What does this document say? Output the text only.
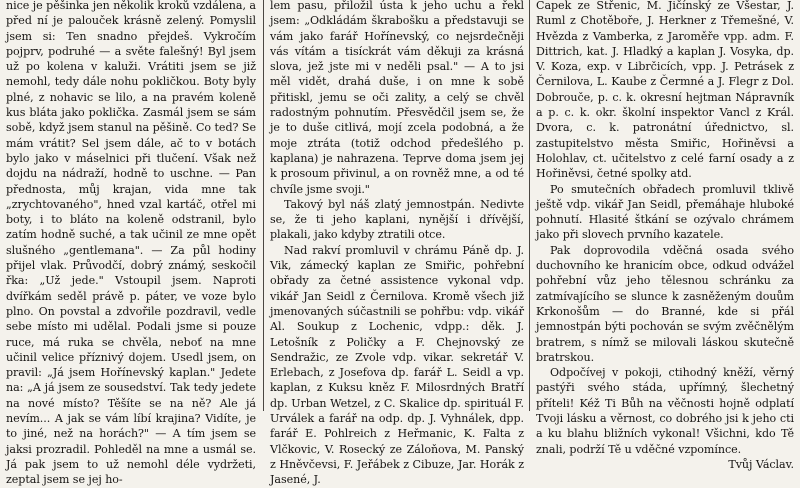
nice je pěšinka jen několik kroků vzdálena, a před ní je palouček krásně zelený. Pomyslil jsem si: Ten snadno přejdeš. Vykročím pojprv, podruhé — a světe falešný! Byl jsem už po kolena v kaluži. Vrátiti jsem se již nemohl, tedy dále nohu pokličkou. Boty byly plné, z nohavic se lilo, a na pravém koleně kus bláta jako poklička. Zasmál jsem se sám sobě, když jsem stanul na pěšině. Co ted? Se mám vrátit? Sel jsem dále, ač to v botách bylo jako v máselnici při tlučení. Však než dojdu na nádraží, hodně to uschne. — Pan přednosta, můj krajan, vida mne tak „zrychtovaného", hned vzal kartáč, otřel mi boty, i to bláto na koleně odstranil, bylo zatím hodně suché, a tak učinil ze mne opět slušného „gentlemana". — Za půl hodiny přijel vlak. Průvodčí, dobrý známý, seskočil řka: „Už jede." Vstoupil jsem. Naproti dvířkám seděl právě p. páter, ve voze bylo plno. On povstal a zdvořile pozdravil, vedle sebe místo mi udělal. Podali jsme si pouze ruce, má ruka se chvěla, neboť na mne učinil velice příznivý dojem. Usedl jsem, on pravil: „Já jsem Hořínevský kaplan." Jedete na: „A já jsem ze sousedství. Tak tedy jedete na nové místo? Těšíte se na ně? Ale já nevím... A jak se vám líbí krajina? Vidíte, je to jiné, než na horách?" — A tím jsem se jaksi prozradil. Pohleděl na mne a usmál se. Já pak jsem to už nemohl déle vydržeti, zeptal jsem se jej ho-

lem pasu, přiložil ústa k jeho uchu a řekl jsem: „Odkládám škrabošku a představuji se vám jako farář Hořínevský, co nejsrdečněji vás vítám a tisíckrát vám děkuji za krásná slova, jež jste mi v neděli psal." — A to jsi měl vidět, drahá duše, i on mne k sobě přitiskl, jemu se oči zality, a celý se chvěl radostným pohnutím. Přesvědčil jsem se, že je to duše citlivá, mojí zcela podobná, a že moje ztráta (totiž odchod předešlého p. kaplana) je nahrazena. Teprve doma jsem jej k prosoum přivinul, a on rovněž mne, a od té chvíle jsme svoji."

Takový byl náš zlatý jemnostpán. Nedivte se, že ti jeho kaplani, nynější i dřívější, plakali, jako kdyby ztratili otce.

Nad rakví promluvil v chrámu Páně dp. J. Vik, zámecký kaplan ze Smiřic, pohřební obřady za četné assistence vykonal vdp. vikář Jan Seidl z Černilova. Kromě všech již jmenovaných súčastnili se pohřbu: vdp. vikář Al. Soukup z Lochenic, vdpp.: děk. J. Letošník z Poličky a F. Chejnovský ze Sendražic, ze Zvole vdp. vikar. sekretář V. Erlebach, z Josefova dp. farář L. Seidl a vp. kaplan, z Kuksu kněz F. Milosrdných Bratří dp. Urban Wetzel, z C. Skalice dp. spirituál F. Urválek a farář na odp. dp. J. Vyhnálek, dpp. farář E. Pohlreich z Heřmanic, K. Falta z Vlčkovic, V. Rosecký ze Záloňova, M. Panský z Hněvčevsi, F. Jeřábek z Cibuze, Jar. Horák z Jasené, J.

Čapek ze Střenic, M. Jičínský ze Všestar, J. Ruml z Chotěboře, J. Herkner z Třemešné, V. Hvězda z Vamberka, z Jaroměře vpp. adm. F. Dittrich, kat. J. Hladký a kaplan J. Vosyka, dp. V. Koza, exp. v Librčicích, vpp. J. Petrásek z Černilova, L. Kaube z Čermné a J. Flegr z Dol. Dobrouče, p. c. k. okresní hejtman Nápravník a p. c. k. okr. školní inspektor Vancl z Král. Dvora, c. k. patronátní úřednictvo, sl. zastupitelstvo města Smiřic, Hořiněvsi a Holohlav, ct. učitelstvo z celé farní osady a z Hořiněvsi, četné spolky atd.

Po smutečních obřadech promluvil tklivě ještě vdp. vikář Jan Seidl, přemáhaje hluboké pohnutí. Hlasité štkání se ozývalo chrámem jako při slovech prvního kazatele.

Pak doprovodila vděčná osada svého duchovního ke hranicím obce, odkud odvážel pohřební vůz jeho tělesnou schránku za zatmívajícího se slunce k zasněženým douům Krkonošům — do Branné, kde si přál jemnostpán býti pochován se svým zvěčnělým bratrem, s nímž se milovali láskou skutečně bratrskou.

Odpočívej v pokoji, ctihodný kněží, věrný pastýři svého stáda, upřímný, šlechetný příteli! Kéž Ti Bůh na věčnosti hojně odplatí Tvoji lásku a věrnost, co dobrého jsi k jeho cti a ku blahu bližních vykonal! Všichni, kdo Tě znali, podrží Tě u vděčné vzpomínce.

Tvůj Václav.
